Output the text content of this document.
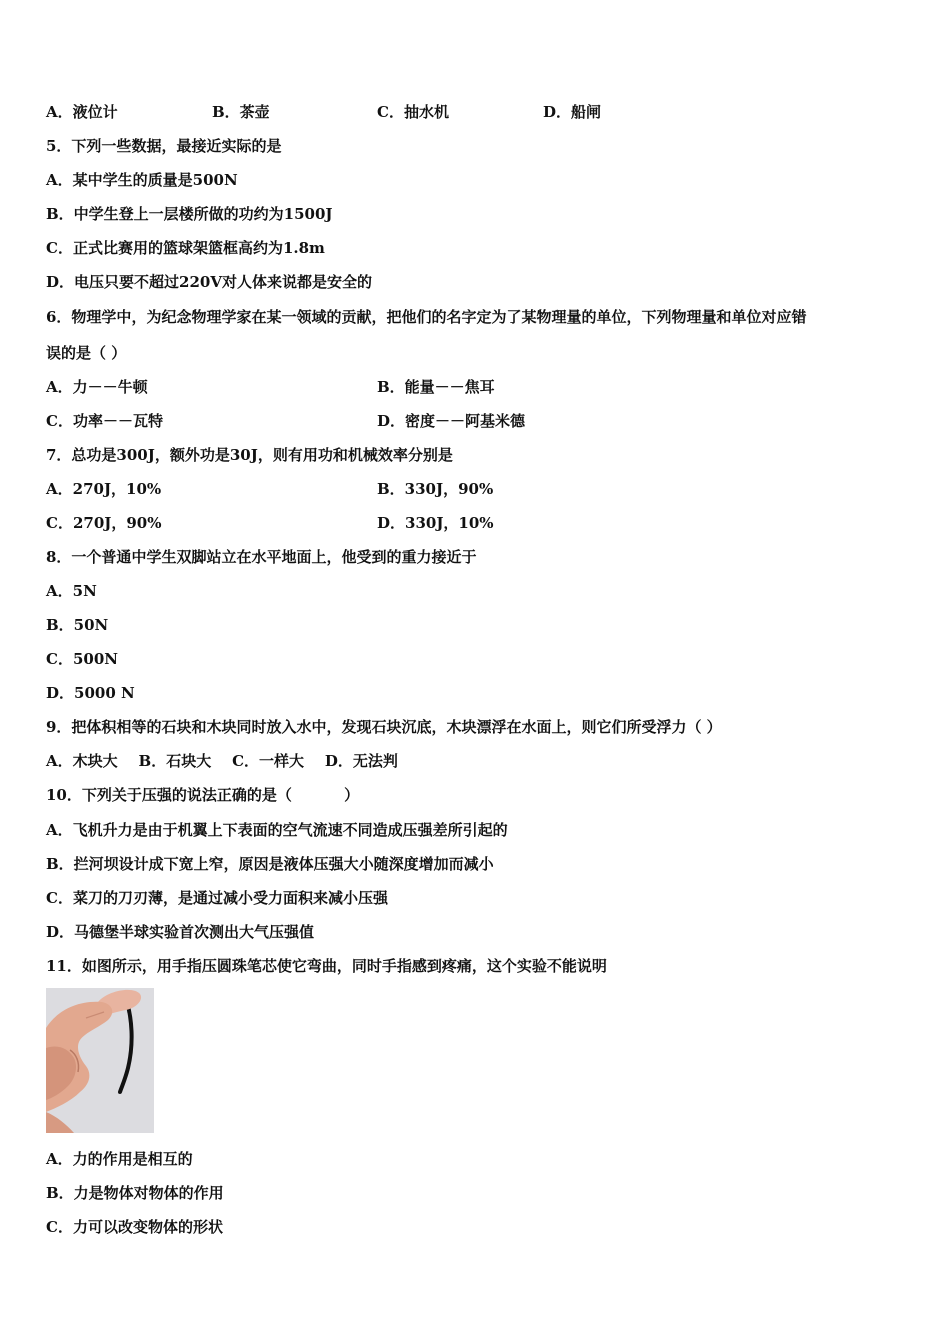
A．液位计	B．茶壶	C．抽水机	D．船闸
5．下列一些数据，最接近实际的是
A．某中学生的质量是500N
B．中学生登上一层楼所做的功约为1500J
C．正式比赛用的篮球架篮框高约为1.8m
D．电压只要不超过220V对人体来说都是安全的
6．物理学中，为纪念物理学家在某一领域的贡献，把他们的名字定为了某物理量的单位，下列物理量和单位对应错
误的是（ ）
A．力－－牛顿	B．能量－－焦耳
C．功率－－瓦特	D．密度－－阿基米德
7．总功是300J，额外功是30J，则有用功和机械效率分别是
A．270J，10%	B．330J，90%
C．270J，90%	D．330J，10%
8．一个普通中学生双脚站立在水平地面上，他受到的重力接近于
A．5N
B．50N
C．500N
D．5000 N
9．把体积相等的石块和木块同时放入水中，发现石块沉底，木块漂浮在水面上，则它们所受浮力（ ）
A．木块大    B．石块大    C．一样大    D．无法判
10．下列关于压强的说法正确的是（          ）
A．飞机升力是由于机翼上下表面的空气流速不同造成压强差所引起的
B．拦河坝设计成下宽上窄，原因是液体压强大小随深度增加而减小
C．菜刀的刀刃薄，是通过减小受力面积来减小压强
D．马德堡半球实验首次测出大气压强值
11．如图所示，用手指压圆珠笔芯使它弯曲，同时手指感到疼痛，这个实验不能说明
A．力的作用是相互的
B．力是物体对物体的作用
C．力可以改变物体的形状
